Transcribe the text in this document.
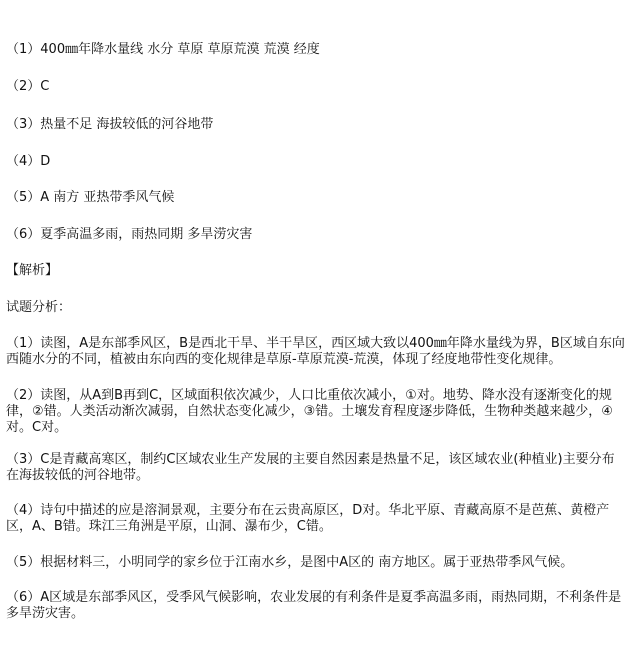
（1）400㎜年降水量线 水分 草原 草原荒漠 荒漠 经度
（2）C
（3）热量不足 海拔较低的河谷地带
（4）D
（5）A 南方 亚热带季风气候
（6）夏季高温多雨，雨热同期 多旱涝灾害
【解析】
试题分析：
（1）读图，A是东部季风区，B是西北干旱、半干旱区，西区域大致以400㎜年降水量线为界，B区域自东向西随水分的不同，植被由东向西的变化规律是草原-草原荒漠-荒漠，体现了经度地带性变化规律。
（2）读图，从A到B再到C，区域面积依次减少，人口比重依次减小，①对。地势、降水没有逐渐变化的规律，②错。人类活动渐次减弱，自然状态变化减少，③错。土壤发育程度逐步降低，生物种类越来越少，④对。C对。
（3）C是青藏高寒区，制约C区域农业生产发展的主要自然因素是热量不足，该区域农业(种植业)主要分布在海拔较低的河谷地带。
（4）诗句中描述的应是溶洞景观，主要分布在云贵高原区，D对。华北平原、青藏高原不是芭蕉、黄橙产区，A、B错。珠江三角洲是平原，山洞、瀑布少，C错。
（5）根据材料三，小明同学的家乡位于江南水乡，是图中A区的 南方地区。属于亚热带季风气候。
（6）A区域是东部季风区，受季风气候影响，农业发展的有利条件是夏季高温多雨，雨热同期，不利条件是多旱涝灾害。
